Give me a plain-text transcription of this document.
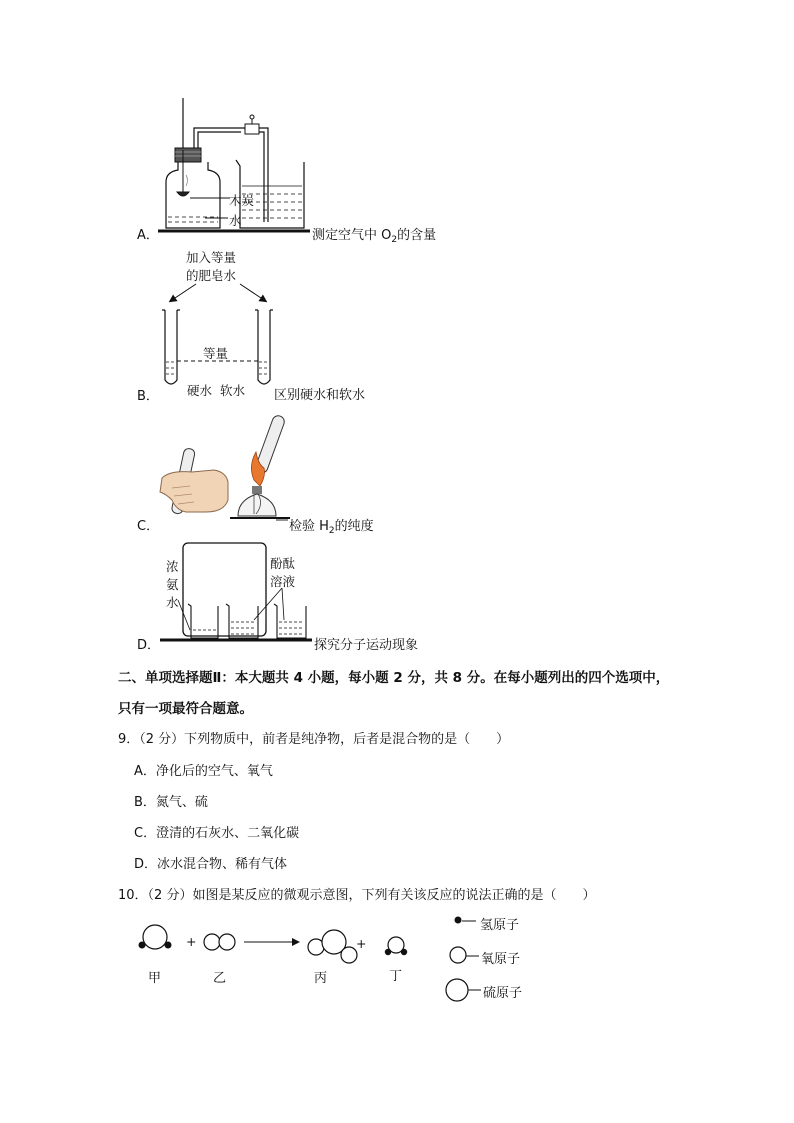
A．
木炭
水
测定空气中 $O_2$的含量
加入等量
的肥皂水
等量
B． 硬水 软水 区别硬水和软水
C．	检验 $H_2$的纯度
浓
氨
水
酚酞
溶液
D．	探究分子运动现象
二、单项选择题Ⅱ：本大题共 4 小题，每小题 2 分，共 8 分。在每小题列出的四个选项中，
只有一项最符合题意。
9．（2 分）下列物质中，前者是纯净物，后者是混合物的是（　　）
A．净化后的空气、氧气
B．氮气、硫
C．澄清的石灰水、二氧化碳
D．冰水混合物、稀有气体
10．（2 分）如图是某反应的微观示意图，下列有关该反应的说法正确的是（　　）
+	+
甲	乙	丙	丁
氢原子
氧原子
硫原子
